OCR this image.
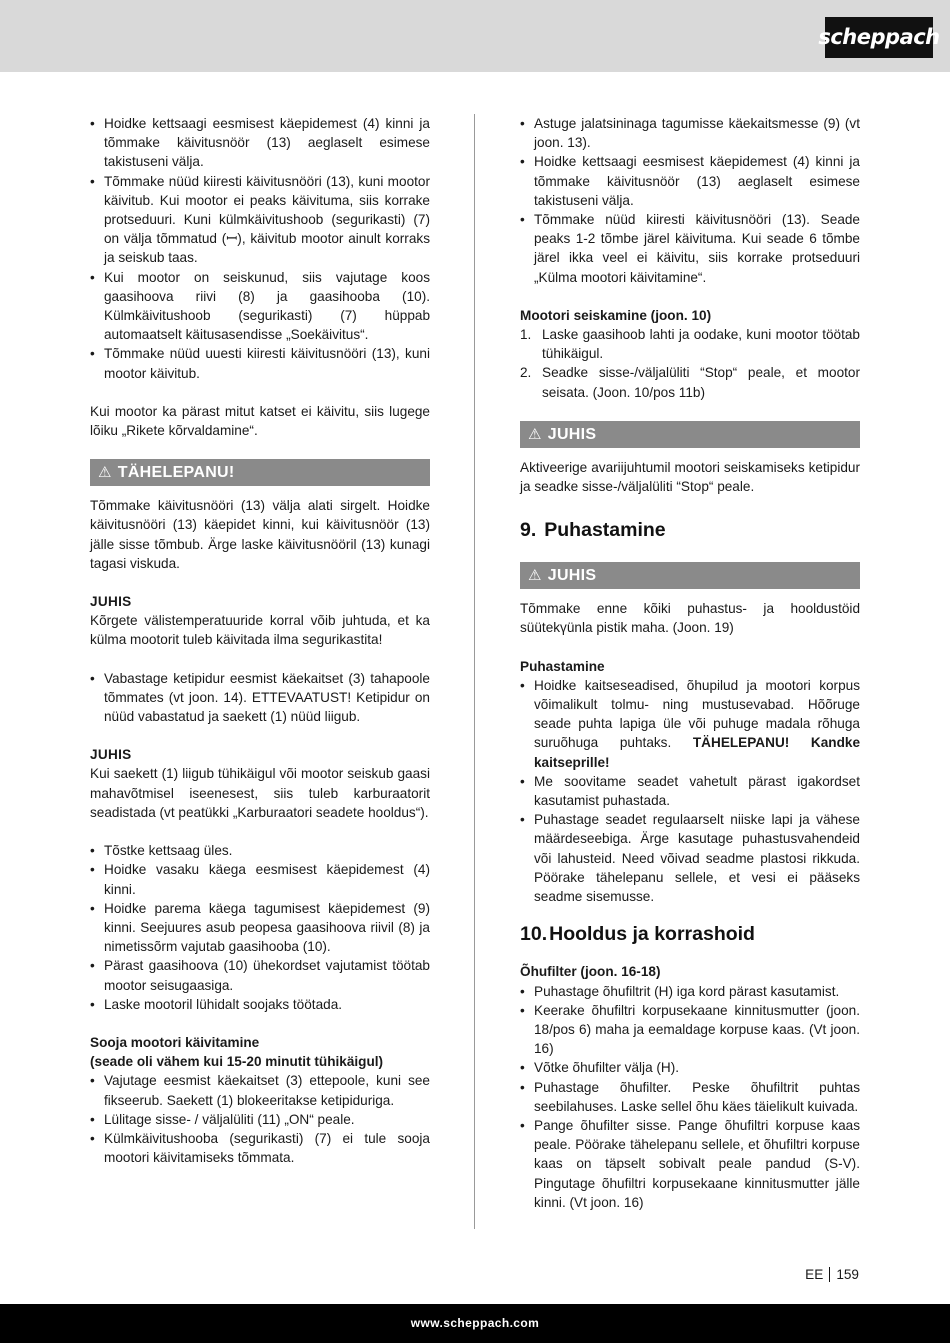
scheppach
• Hoidke kettsaagi eesmisest käepidemest (4) kinni ja tõmmake käivitusnöör (13) aeglaselt esimese takistuseni välja.
• Tõmmake nüüd kiiresti käivitusnööri (13), kuni mootor käivitub. Kui mootor ei peaks käivituma, siis korrake protseduuri. Kuni külmkäivitushoob (segurikasti) (7) on välja tõmmatud (ꟷ), käivitub mootor ainult korraks ja seiskub taas.
• Kui mootor on seiskunud, siis vajutage koos gaasihoova riivi (8) ja gaasihooba (10). Külmkäivitushoob (segurikasti) (7) hüppab automaatselt käitusasendisse „Soekäivitus“.
• Tõmmake nüüd uuesti kiiresti käivitusnööri (13), kuni mootor käivitub.

Kui mootor ka pärast mitut katset ei käivitu, siis lugege lõiku „Rikete kõrvaldamine“.

⚠ TÄHELEPANU!

Tõmmake käivitusnööri (13) välja alati sirgelt. Hoidke käivitusnööri (13) käepidet kinni, kui käivitusnöör (13) jälle sisse tõmbub. Ärge laske käivitusnööril (13) kunagi tagasi viskuda.

JUHIS

Kõrgete välistemperatuuride korral võib juhtuda, et ka külma mootorit tuleb käivitada ilma segurikastita!

• Vabastage ketipidur eesmist käekaitset (3) tahapoole tõmmates (vt joon. 14). ETTEVAATUST! Ketipidur on nüüd vabastatud ja saekett (1) nüüd liigub.
JUHIS

Kui saekett (1) liigub tühikäigul või mootor seiskub gaasi mahavõtmisel iseenesest, siis tuleb karburaatorit seadistada (vt peatükki „Karburaatori seadete hooldus“).

• Tõstke kettsaag üles.
• Hoidke vasaku käega eesmisest käepidemest (4) kinni.
• Hoidke parema käega tagumisest käepidemest (9) kinni. Seejuures asub peopesa gaasihoova riivil (8) ja nimetissõrm vajutab gaasihooba (10).
• Pärast gaasihoova (10) ühekordset vajutamist töötab mootor seisugaasiga.
• Laske mootoril lühidalt soojaks töötada.
Sooja mootori käivitamine
(seade oli vähem kui 15-20 minutit tühikäigul)
• Vajutage eesmist käekaitset (3) ettepoole, kuni see fikseerub. Saekett (1) blokeeritakse ketipiduriga.
• Lülitage sisse- / väljalüliti (11) „ON“ peale.
• Külmkäivitushooba (segurikasti) (7) ei tule sooja mootori käivitamiseks tõmmata.
• Astuge jalatsininaga tagumisse käekaitsmesse (9) (vt joon. 13).
• Hoidke kettsaagi eesmisest käepidemest (4) kinni ja tõmmake käivitusnöör (13) aeglaselt esimese takistuseni välja.
• Tõmmake nüüd kiiresti käivitusnööri (13). Seade peaks 1-2 tõmbe järel käivituma. Kui seade 6 tõmbe järel ikka veel ei käivitu, siis korrake protseduuri „Külma mootori käivitamine“.
Mootori seiskamine (joon. 10)
1. Laske gaasihoob lahti ja oodake, kuni mootor töötab tühikäigul.
2. Seadke sisse-/väljalüliti “Stop“ peale, et mootor seisata. (Joon. 10/pos 11b)
⚠ JUHIS

Aktiveerige avariijuhtumil mootori seiskamiseks ketipidur ja seadke sisse-/väljalüliti “Stop“ peale.

9. Puhastamine
⚠ JUHIS

Tõmmake enne kõiki puhastus- ja hooldustöid süütekүünla pistik maha. (Joon. 19)

Puhastamine
• Hoidke kaitseseadised, õhupilud ja mootori korpus võimalikult tolmu- ning mustusevabad. Hõõruge seade puhta lapiga üle või puhuge madala rõhuga suruõhuga puhtaks. TÄHELEPANU! Kandke kaitseprille!
• Me soovitame seadet vahetult pärast igakordset kasutamist puhastada.
• Puhastage seadet regulaarselt niiske lapi ja vähese määrdeseebiga. Ärge kasutage puhastusvahendeid või lahusteid. Need võivad seadme plastosi rikkuda. Pöörake tähelepanu sellele, et vesi ei pääseks seadme sisemusse.
10. Hooldus ja korrashoid
Õhufilter (joon. 16-18)
• Puhastage õhufiltrit (H) iga kord pärast kasutamist.
• Keerake õhufiltri korpusekaane kinnitusmutter (joon. 18/pos 6) maha ja eemaldage korpuse kaas. (Vt joon. 16)
• Võtke õhufilter välja (H).
• Puhastage õhufilter. Peske õhufiltrit puhtas seebilahuses. Laske sellel õhu käes täielikult kuivada.
• Pange õhufilter sisse. Pange õhufiltri korpuse kaas peale. Pöörake tähelepanu sellele, et õhufiltri korpuse kaas on täpselt sobivalt peale pandud (S-V). Pingutage õhufiltri korpusekaane kinnitusmutter jälle kinni. (Vt joon. 16)
EE 159
www.scheppach.com
